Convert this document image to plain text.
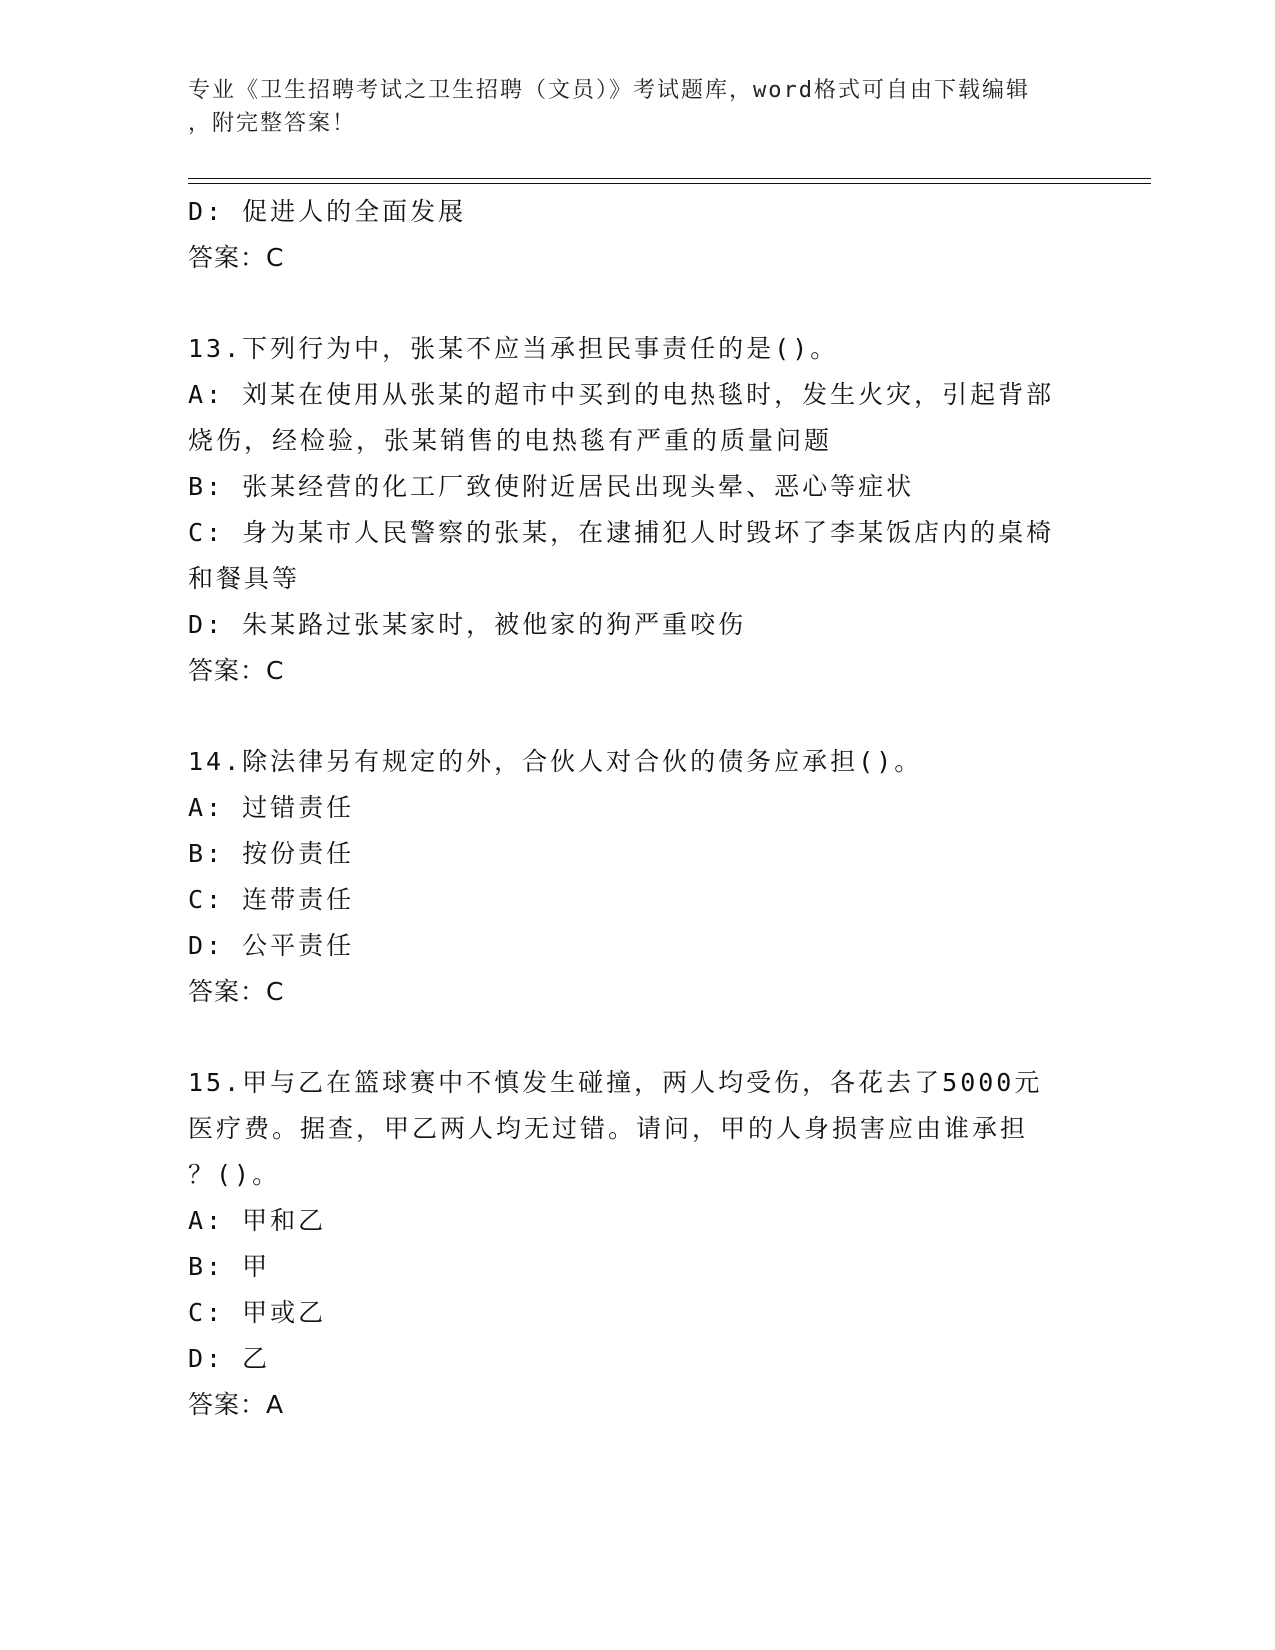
专业《卫生招聘考试之卫生招聘（文员）》考试题库，word格式可自由下载编辑
，附完整答案！

D: 促进人的全面发展

答案：C

13.下列行为中，张某不应当承担民事责任的是()。

A: 刘某在使用从张某的超市中买到的电热毯时，发生火灾，引起背部

烧伤，经检验，张某销售的电热毯有严重的质量问题

B: 张某经营的化工厂致使附近居民出现头晕、恶心等症状

C: 身为某市人民警察的张某，在逮捕犯人时毁坏了李某饭店内的桌椅

和餐具等

D: 朱某路过张某家时，被他家的狗严重咬伤

答案：C

14.除法律另有规定的外，合伙人对合伙的债务应承担()。

A: 过错责任

B: 按份责任

C: 连带责任

D: 公平责任

答案：C

15.甲与乙在篮球赛中不慎发生碰撞，两人均受伤，各花去了5000元

医疗费。据查，甲乙两人均无过错。请问，甲的人身损害应由谁承担

？()。

A: 甲和乙

B: 甲

C: 甲或乙

D: 乙

答案：A
